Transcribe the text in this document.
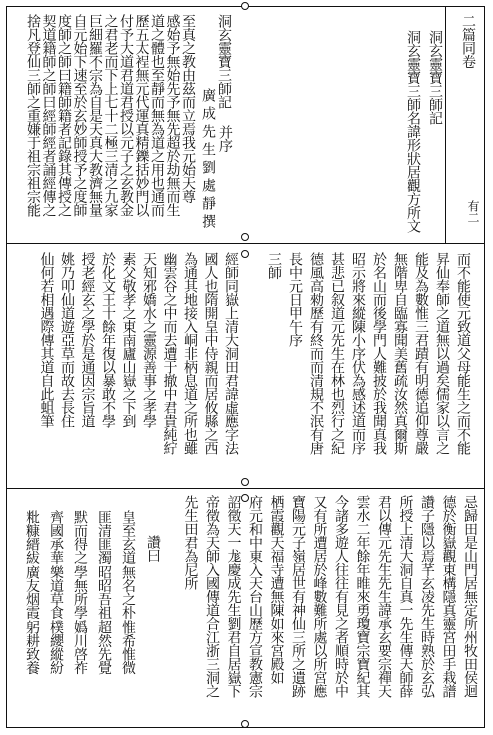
二篇同卷
有二
洞玄靈寶三師記
洞玄靈寶三師名諱形狀居觀方所文
洞玄靈寶三師記
并序
廣成先生劉處靜撰
至真之教由茲而立焉我元始天尊
感始予無始先予無先超於劫無而生
道之體也至靜而無為道之用也通而
歷五太裎無元代運真精鑠括妙門以
付予大道君道君授以元子之玄教金
之君老而下上七十二極三清之九家
巨細羅不宗為自是天真大教濟無量
自元始下速至於玄妙師授予之度師
度師之師曰籍師籍者記錄其傳授之
契道籍師之師曰經師經者誦經傳之
捨凡登仙三師之重嫌于祖宗祖宗能
而不能使元致道父母能生之而不能
昇仙奉師之道無以過矣儒家以言之
能及為數惟三君蹟有明德追仰尊嚴
無階卑自臨寡聞美舊疏汝然真爾斯
於名山而後學門人難披於我聞真我
昭示將來縱陳小序伏為感述道而序
甚悲已叙道元先生在林也烈行之紀
德風高勑歷有終而而清規不泯有唐
長中元日甲午序
三師
經師同嶽上清大洞田君諱虛應字法
國人也隋開皇中侍親而居攸縣之西
為通其地接入峒非柄息道之所也雖
幽雲谷之中而去遭于撤中君貴純紵
天知邪嬌水之靈源善事之孝學
素父敬孝之東南廬山嶽之下到
於化文王十餘年復以暴敢不學
授老經玄之學於是通因宗旨道
姚乃叩仙道遊亞草而故去長住
仙何若相遇際傳其道自此蛆筆
忌歸田是山門居無定所州牧田侯迴
德於衡嶽觀東構隱真靈宮田手栽譜
讚子隱以焉芊玄凌先生時熟於玄弘
所授上清大洞自真一先生傳天師薛
君以傳元先生先生諱承玄要宗禪天
雲水二年餘年睢來勇瓊寶宗寶紀其
今諸多遊人往往有見之者順時於中
又有所遭居於峰數難所處以所宮應
寶陽元子嶺居世有神仙三所之遺跡
栖霞觀天福寺遭無陳如來宮殿如
府元和中東入天台山歷方宣教憲宗
詔徵天一尨慶成先生劉君自居嶽下
帝徵為天師入國傳道合江浙三洞之
先生田君為尼所
讚曰
皇至玄道
無名之朴
惟希惟微
匪清匪濁
昭昭吾祖
超然先覺
默而得之
學無所學
嬀川啓祚
齊國承華
樂道草食
樸纓縱紛
粃糠縉紱
廣友烟霞
躬耕致養
